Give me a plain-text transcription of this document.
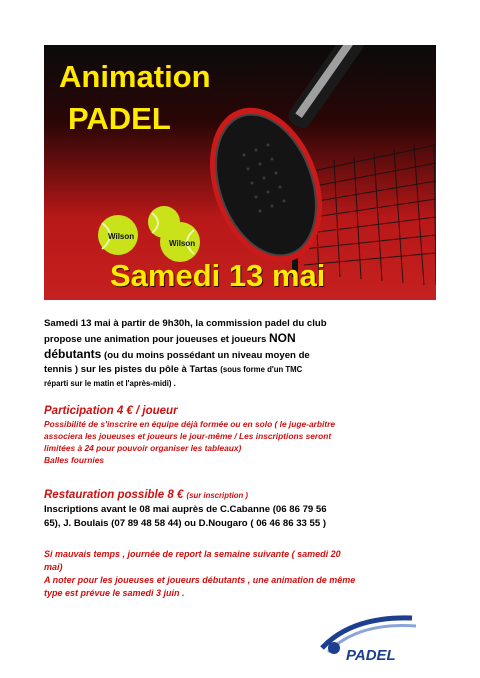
Wilson
Wilson
Animation
PADEL
Samedi 13 mai
Samedi 13 mai à partir de 9h30h, la commission padel du club
propose une animation pour joueuses et joueurs NON
débutants (ou du moins possédant un niveau moyen de
tennis ) sur les pistes du pôle à Tartas (sous forme d'un TMC
réparti sur le matin et l'après-midi) .
Participation 4 € / joueur
Possibilité de s'inscrire en équipe déjà formée ou en solo ( le juge-arbitre
associera les joueuses et joueurs le jour-même / Les inscriptions seront
limitées à 24 pour pouvoir organiser les tableaux)
Balles fournies
Restauration possible 8 € (sur inscription )
Inscriptions avant le 08 mai auprès de C.Cabanne (06 86 79 56
65), J. Boulais (07 89 48 58 44) ou D.Nougaro ( 06 46 86 33 55 )
Si mauvais temps , journée de report la semaine suivante ( samedi 20
mai)
A noter pour les joueuses et joueurs débutants , une animation de même
type est prévue le samedi 3 juin .
PADEL
